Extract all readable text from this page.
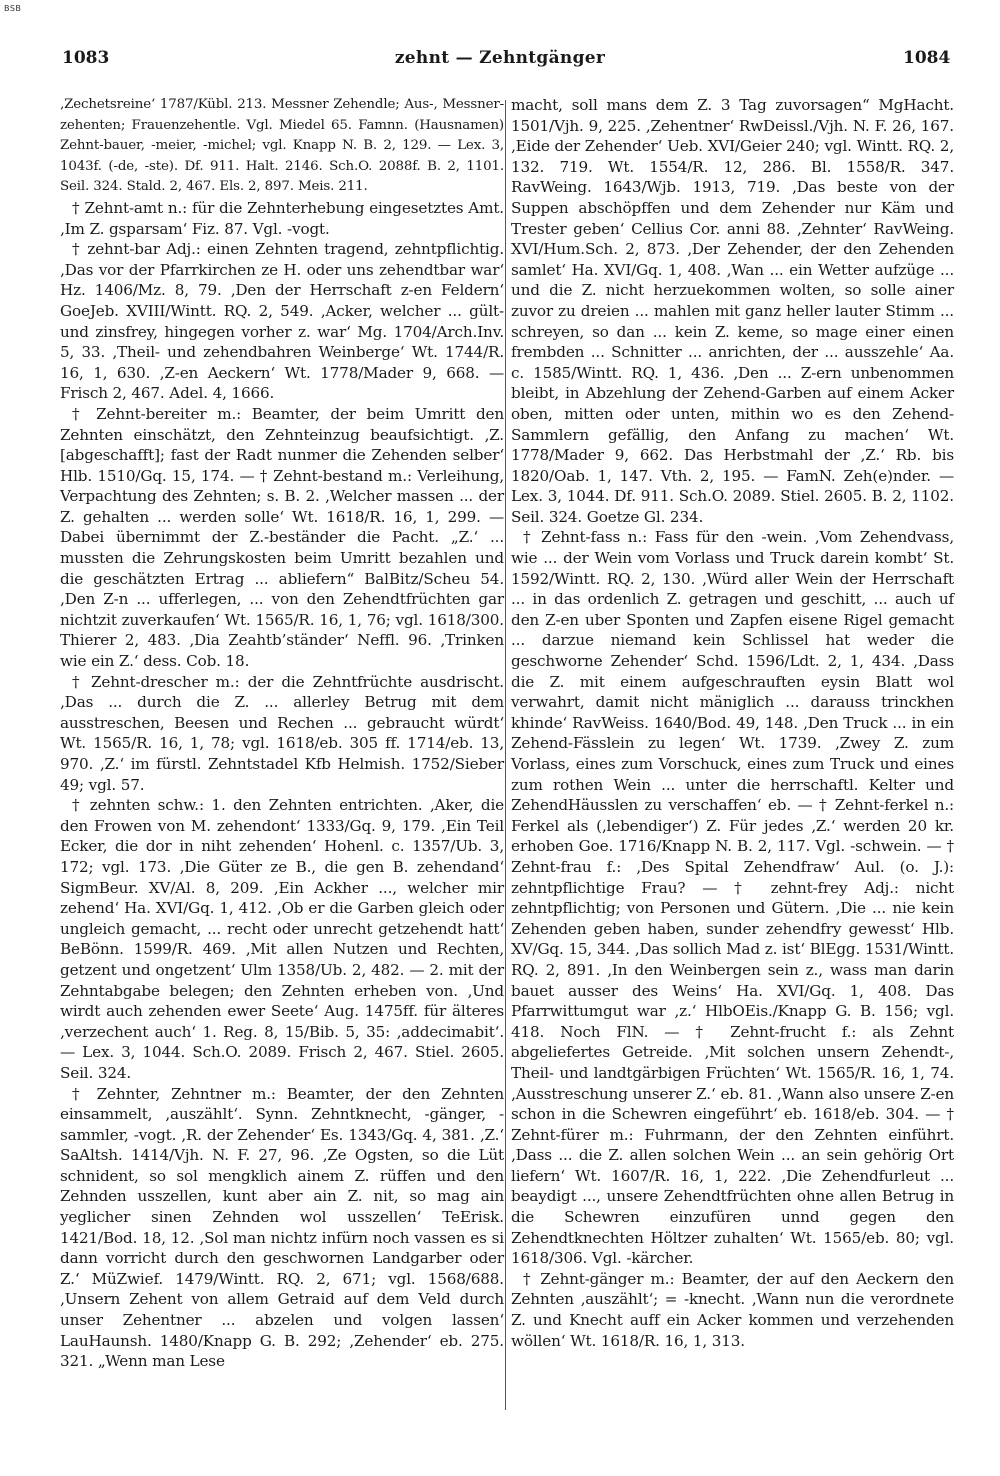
BSB
1083	zehnt — Zehntgänger	1084

‚Zechetsreine‘ 1787/Kübl. 213. Messner Zehendle; Aus-, Messner-zehenten; Frauenzehentle. Vgl. Miedel 65. Famnn. (Hausnamen) Zehnt-bauer, -meier, -michel; vgl. Knapp N. B. 2, 129. — Lex. 3, 1043f. (-de, -ste). Df. 911. Halt. 2146. Sch.O. 2088f. B. 2, 1101. Seil. 324. Stald. 2, 467. Els. 2, 897. Meis. 211.

† Zehnt-amt n.: für die Zehnterhebung eingesetztes Amt. ‚Im Z. gsparsam‘ Fiz. 87. Vgl. -vogt.

† zehnt-bar Adj.: einen Zehnten tragend, zehntpflichtig. ‚Das vor der Pfarrkirchen ze H. oder uns zehendtbar war‘ Hz. 1406/Mz. 8, 79. ‚Den der Herrschaft z-en Feldern‘ GoeJeb. XVIII/Wintt. RQ. 2, 549. ‚Acker, welcher ... gült- und zinsfrey, hingegen vorher z. war‘ Mg. 1704/Arch.Inv. 5, 33. ‚Theil- und zehendbahren Weinberge‘ Wt. 1744/R. 16, 1, 630. ‚Z-en Aeckern‘ Wt. 1778/Mader 9, 668. — Frisch 2, 467. Adel. 4, 1666.

† Zehnt-bereiter m.: Beamter, der beim Umritt den Zehnten einschätzt, den Zehnteinzug beaufsichtigt. ‚Z. [abgeschafft]; fast der Radt nunmer die Zehenden selber‘ Hlb. 1510/Gq. 15, 174. — † Zehnt-bestand m.: Verleihung, Verpachtung des Zehnten; s. B. 2. ‚Welcher massen ... der Z. gehalten ... werden solle‘ Wt. 1618/R. 16, 1, 299. — Dabei übernimmt der Z.-beständer die Pacht. „Z.‘ ... mussten die Zehrungskosten beim Umritt bezahlen und die geschätzten Ertrag ... abliefern“ BalBitz/Scheu 54. ‚Den Z-n ... ufferlegen, ... von den Zehendtfrüchten gar nichtzit zuverkaufen‘ Wt. 1565/R. 16, 1, 76; vgl. 1618/300. Thierer 2, 483. ‚Dia Zeahtb’ständer‘ Neffl. 96. ‚Trinken wie ein Z.‘ dess. Cob. 18.

† Zehnt-drescher m.: der die Zehntfrüchte ausdrischt. ‚Das ... durch die Z. ... allerley Betrug mit dem ausstreschen, Beesen und Rechen ... gebraucht würdt‘ Wt. 1565/R. 16, 1, 78; vgl. 1618/eb. 305 ff. 1714/eb. 13, 970. ‚Z.‘ im fürstl. Zehntstadel Kfb Helmish. 1752/Sieber 49; vgl. 57.

† zehnten schw.: 1. den Zehnten entrichten. ‚Aker, die den Frowen von M. zehendont‘ 1333/Gq. 9, 179. ‚Ein Teil Ecker, die dor in niht zehenden‘ Hohenl. c. 1357/Ub. 3, 172; vgl. 173. ‚Die Güter ze B., die gen B. zehendand‘ SigmBeur. XV/Al. 8, 209. ‚Ein Ackher ..., welcher mir zehend‘ Ha. XVI/Gq. 1, 412. ‚Ob er die Garben gleich oder ungleich gemacht, ... recht oder unrecht getzehendt hatt‘ BeBönn. 1599/R. 469. ‚Mit allen Nutzen und Rechten, getzent und ongetzent‘ Ulm 1358/Ub. 2, 482. — 2. mit der Zehntabgabe belegen; den Zehnten erheben von. ‚Und wirdt auch zehenden ewer Seete‘ Aug. 1475ff. für älteres ‚verzechent auch‘ 1. Reg. 8, 15/Bib. 5, 35: ‚addecimabit‘. — Lex. 3, 1044. Sch.O. 2089. Frisch 2, 467. Stiel. 2605. Seil. 324.

† Zehnter, Zehntner m.: Beamter, der den Zehnten einsammelt, ‚auszählt‘. Synn. Zehntknecht, -gänger, -sammler, -vogt. ‚R. der Zehender‘ Es. 1343/Gq. 4, 381. ‚Z.‘ SaAltsh. 1414/Vjh. N. F. 27, 96. ‚Ze Ogsten, so die Lüt schnident, so sol mengklich ainem Z. rüffen und den Zehnden usszellen, kunt aber ain Z. nit, so mag ain yeglicher sinen Zehnden wol usszellen‘ TeErisk. 1421/Bod. 18, 12. ‚Sol man nichtz infürn noch vassen es si dann vorricht durch den geschwornen Landgarber oder Z.‘ MüZwief. 1479/Wintt. RQ. 2, 671; vgl. 1568/688. ‚Unsern Zehent von allem Getraid auf dem Veld durch unser Zehentner ... abzelen und volgen lassen‘ LauHaunsh. 1480/Knapp G. B. 292; ‚Zehender‘ eb. 275. 321. „Wenn man Lese

macht, soll mans dem Z. 3 Tag zuvorsagen“ MgHacht. 1501/Vjh. 9, 225. ‚Zehentner‘ RwDeissl./Vjh. N. F. 26, 167. ‚Eide der Zehender‘ Ueb. XVI/Geier 240; vgl. Wintt. RQ. 2, 132. 719. Wt. 1554/R. 12, 286. Bl. 1558/R. 347. RavWeing. 1643/Wjb. 1913, 719. ‚Das beste von der Suppen abschöpffen und dem Zehender nur Käm und Trester geben‘ Cellius Cor. anni 88. ‚Zehnter‘ RavWeing. XVI/Hum.Sch. 2, 873. ‚Der Zehender, der den Zehenden samlet‘ Ha. XVI/Gq. 1, 408. ‚Wan ... ein Wetter aufzüge ... und die Z. nicht herzuekommen wolten, so solle ainer zuvor zu dreien ... mahlen mit ganz heller lauter Stimm ... schreyen, so dan ... kein Z. keme, so mage einer einen frembden ... Schnitter ... anrichten, der ... ausszehle‘ Aa. c. 1585/Wintt. RQ. 1, 436. ‚Den ... Z-ern unbenommen bleibt, in Abzehlung der Zehend-Garben auf einem Acker oben, mitten oder unten, mithin wo es den Zehend-Sammlern gefällig, den Anfang zu machen‘ Wt. 1778/Mader 9, 662. Das Herbstmahl der ‚Z.‘ Rb. bis 1820/Oab. 1, 147. Vth. 2, 195. — FamN. Zeh(e)nder. — Lex. 3, 1044. Df. 911. Sch.O. 2089. Stiel. 2605. B. 2, 1102. Seil. 324. Goetze Gl. 234.

† Zehnt-fass n.: Fass für den -wein. ‚Vom Zehendvass, wie ... der Wein vom Vorlass und Truck darein kombt‘ St. 1592/Wintt. RQ. 2, 130. ‚Würd aller Wein der Herrschaft ... in das ordenlich Z. getragen und geschitt, ... auch uf den Z-en uber Sponten und Zapfen eisene Rigel gemacht ... darzue niemand kein Schlissel hat weder die geschworne Zehender‘ Schd. 1596/Ldt. 2, 1, 434. ‚Dass die Z. mit einem aufgeschrauften eysin Blatt wol verwahrt, damit nicht mäniglich ... darauss trinckhen khinde‘ RavWeiss. 1640/Bod. 49, 148. ‚Den Truck ... in ein Zehend-Fässlein zu legen‘ Wt. 1739. ‚Zwey Z. zum Vorlass, eines zum Vorschuck, eines zum Truck und eines zum rothen Wein ... unter die herrschaftl. Kelter und ZehendHäusslen zu verschaffen‘ eb. — † Zehnt-ferkel n.: Ferkel als (‚lebendiger‘) Z. Für jedes ‚Z.‘ werden 20 kr. erhoben Goe. 1716/Knapp N. B. 2, 117. Vgl. -schwein. — † Zehnt-frau f.: ‚Des Spital Zehendfraw‘ Aul. (o. J.): zehntpflichtige Frau? — † zehnt-frey Adj.: nicht zehntpflichtig; von Personen und Gütern. ‚Die ... nie kein Zehenden geben haben, sunder zehendfry gewesst‘ Hlb. XV/Gq. 15, 344. ‚Das sollich Mad z. ist‘ BlEgg. 1531/Wintt. RQ. 2, 891. ‚In den Weinbergen sein z., wass man darin bauet ausser des Weins‘ Ha. XVI/Gq. 1, 408. Das Pfarrwittumgut war ‚z.‘ HlbOEis./Knapp G. B. 156; vgl. 418. Noch FlN. — † Zehnt-frucht f.: als Zehnt abgeliefertes Getreide. ‚Mit solchen unsern Zehendt-, Theil- und landtgärbigen Früchten‘ Wt. 1565/R. 16, 1, 74. ‚Ausstreschung unserer Z.‘ eb. 81. ‚Wann also unsere Z-en schon in die Schewren eingeführt‘ eb. 1618/eb. 304. — † Zehnt-fürer m.: Fuhrmann, der den Zehnten einführt. ‚Dass ... die Z. allen solchen Wein ... an sein gehörig Ort liefern‘ Wt. 1607/R. 16, 1, 222. ‚Die Zehendfurleut ... beaydigt ..., unsere Zehendtfrüchten ohne allen Betrug in die Schewren einzufüren unnd gegen den Zehendtknechten Höltzer zuhalten‘ Wt. 1565/eb. 80; vgl. 1618/306. Vgl. -kärcher.

† Zehnt-gänger m.: Beamter, der auf den Aeckern den Zehnten ‚auszählt‘; = -knecht. ‚Wann nun die verordnete Z. und Knecht auff ein Acker kommen und verzehenden wöllen‘ Wt. 1618/R. 16, 1, 313.
